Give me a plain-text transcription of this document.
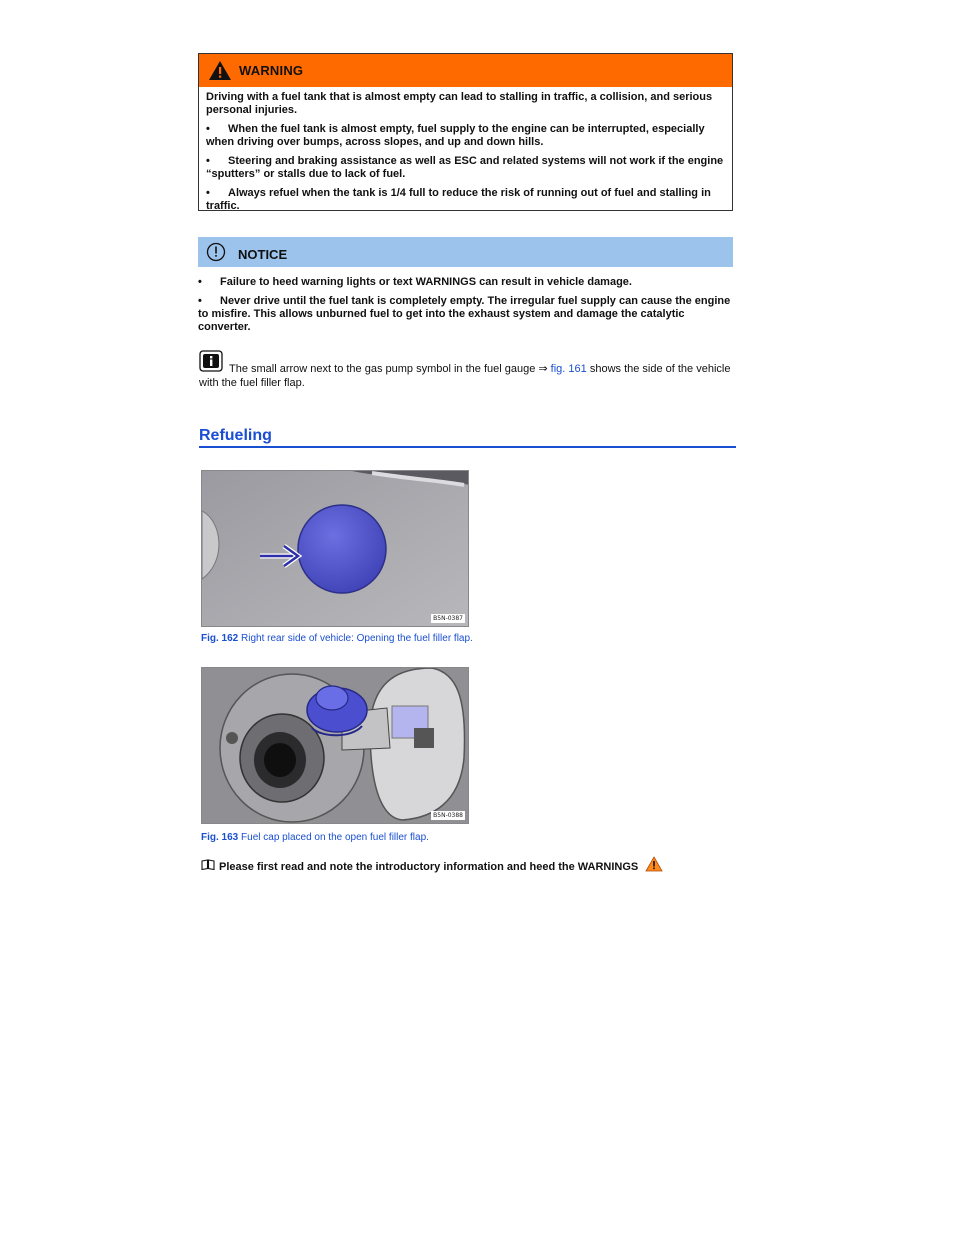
WARNING

Driving with a fuel tank that is almost empty can lead to stalling in traffic, a collision, and serious personal injuries.

• When the fuel tank is almost empty, fuel supply to the engine can be interrupted, especially when driving over bumps, across slopes, and up and down hills.

• Steering and braking assistance as well as ESC and related systems will not work if the engine “sputters” or stalls due to lack of fuel.

• Always refuel when the tank is 1/4 full to reduce the risk of running out of fuel and stalling in traffic.

NOTICE

• Failure to heed warning lights or text WARNINGS can result in vehicle damage.

• Never drive until the fuel tank is completely empty. The irregular fuel supply can cause the engine to misfire. This allows unburned fuel to get into the exhaust system and damage the catalytic converter.

The small arrow next to the gas pump symbol in the fuel gauge ⇒ fig. 161 shows the side of the vehicle with the fuel filler flap.
Refueling
B5N-0387
Fig. 162 Right rear side of vehicle: Opening the fuel filler flap.
B5N-0388
Fig. 163 Fuel cap placed on the open fuel filler flap.
Please first read and note the introductory information and heed the WARNINGS
